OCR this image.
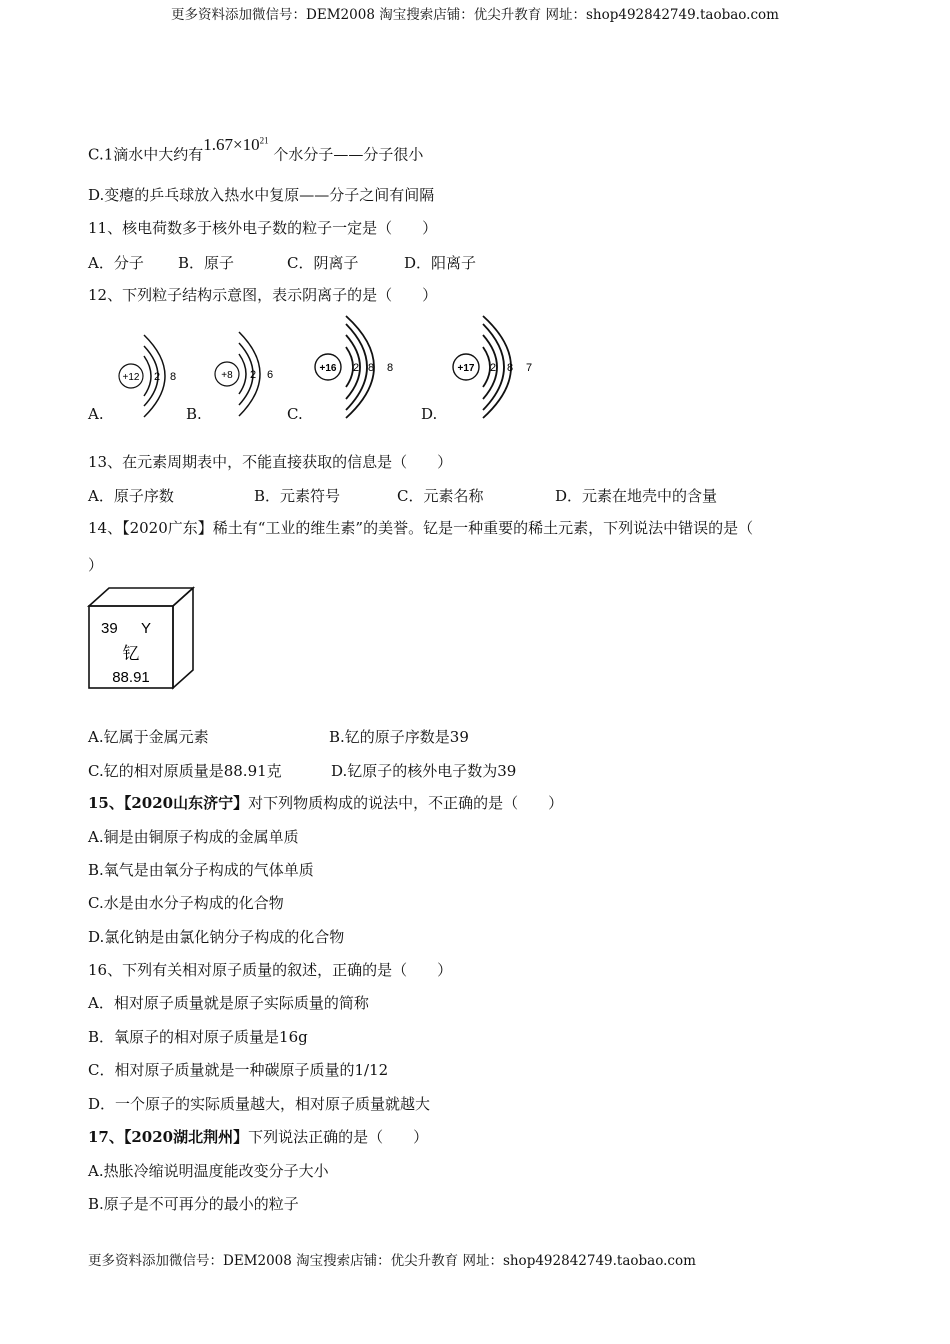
更多资料添加微信号：DEM2008 淘宝搜索店铺：优尖升教育 网址：shop492842749.taobao.com
C.1滴水中大约有$1.67\times 10^{21}$ 个水分子——分子很小
D.变瘪的乒乓球放入热水中复原——分子之间有间隔
11、核电荷数多于核外电子数的粒子一定是（　　）
A．分子 B．原子	C．阴离子	D．阳离子
12、下列粒子结构示意图，表示阴离子的是（　　）
A.	B.	C.	D.
+12 2 8	+8 2 6
+16 2 8 8	+17 2 8 7
13、在元素周期表中，不能直接获取的信息是（　　）
A．原子序数	B．元素符号	C．元素名称	D．元素在地壳中的含量
14、【2020广东】稀土有“工业的维生素”的美誉。钇是一种重要的稀土元素，下列说法中错误的是（
）
39 Y
钇
88.91
A.钇属于金属元素	B.钇的原子序数是39
C.钇的相对原质量是88.91克	D.钇原子的核外电子数为39
15、【2020山东济宁】对下列物质构成的说法中，不正确的是（　　）
A.铜是由铜原子构成的金属单质
B.氧气是由氧分子构成的气体单质
C.水是由水分子构成的化合物
D.氯化钠是由氯化钠分子构成的化合物
16、下列有关相对原子质量的叙述，正确的是（　　）
A．相对原子质量就是原子实际质量的简称
B．氧原子的相对原子质量是16g
C．相对原子质量就是一种碳原子质量的1/12
D．一个原子的实际质量越大，相对原子质量就越大
17、【2020湖北荆州】下列说法正确的是（　　）
A.热胀冷缩说明温度能改变分子大小
B.原子是不可再分的最小的粒子
更多资料添加微信号：DEM2008 淘宝搜索店铺：优尖升教育 网址：shop492842749.taobao.com
